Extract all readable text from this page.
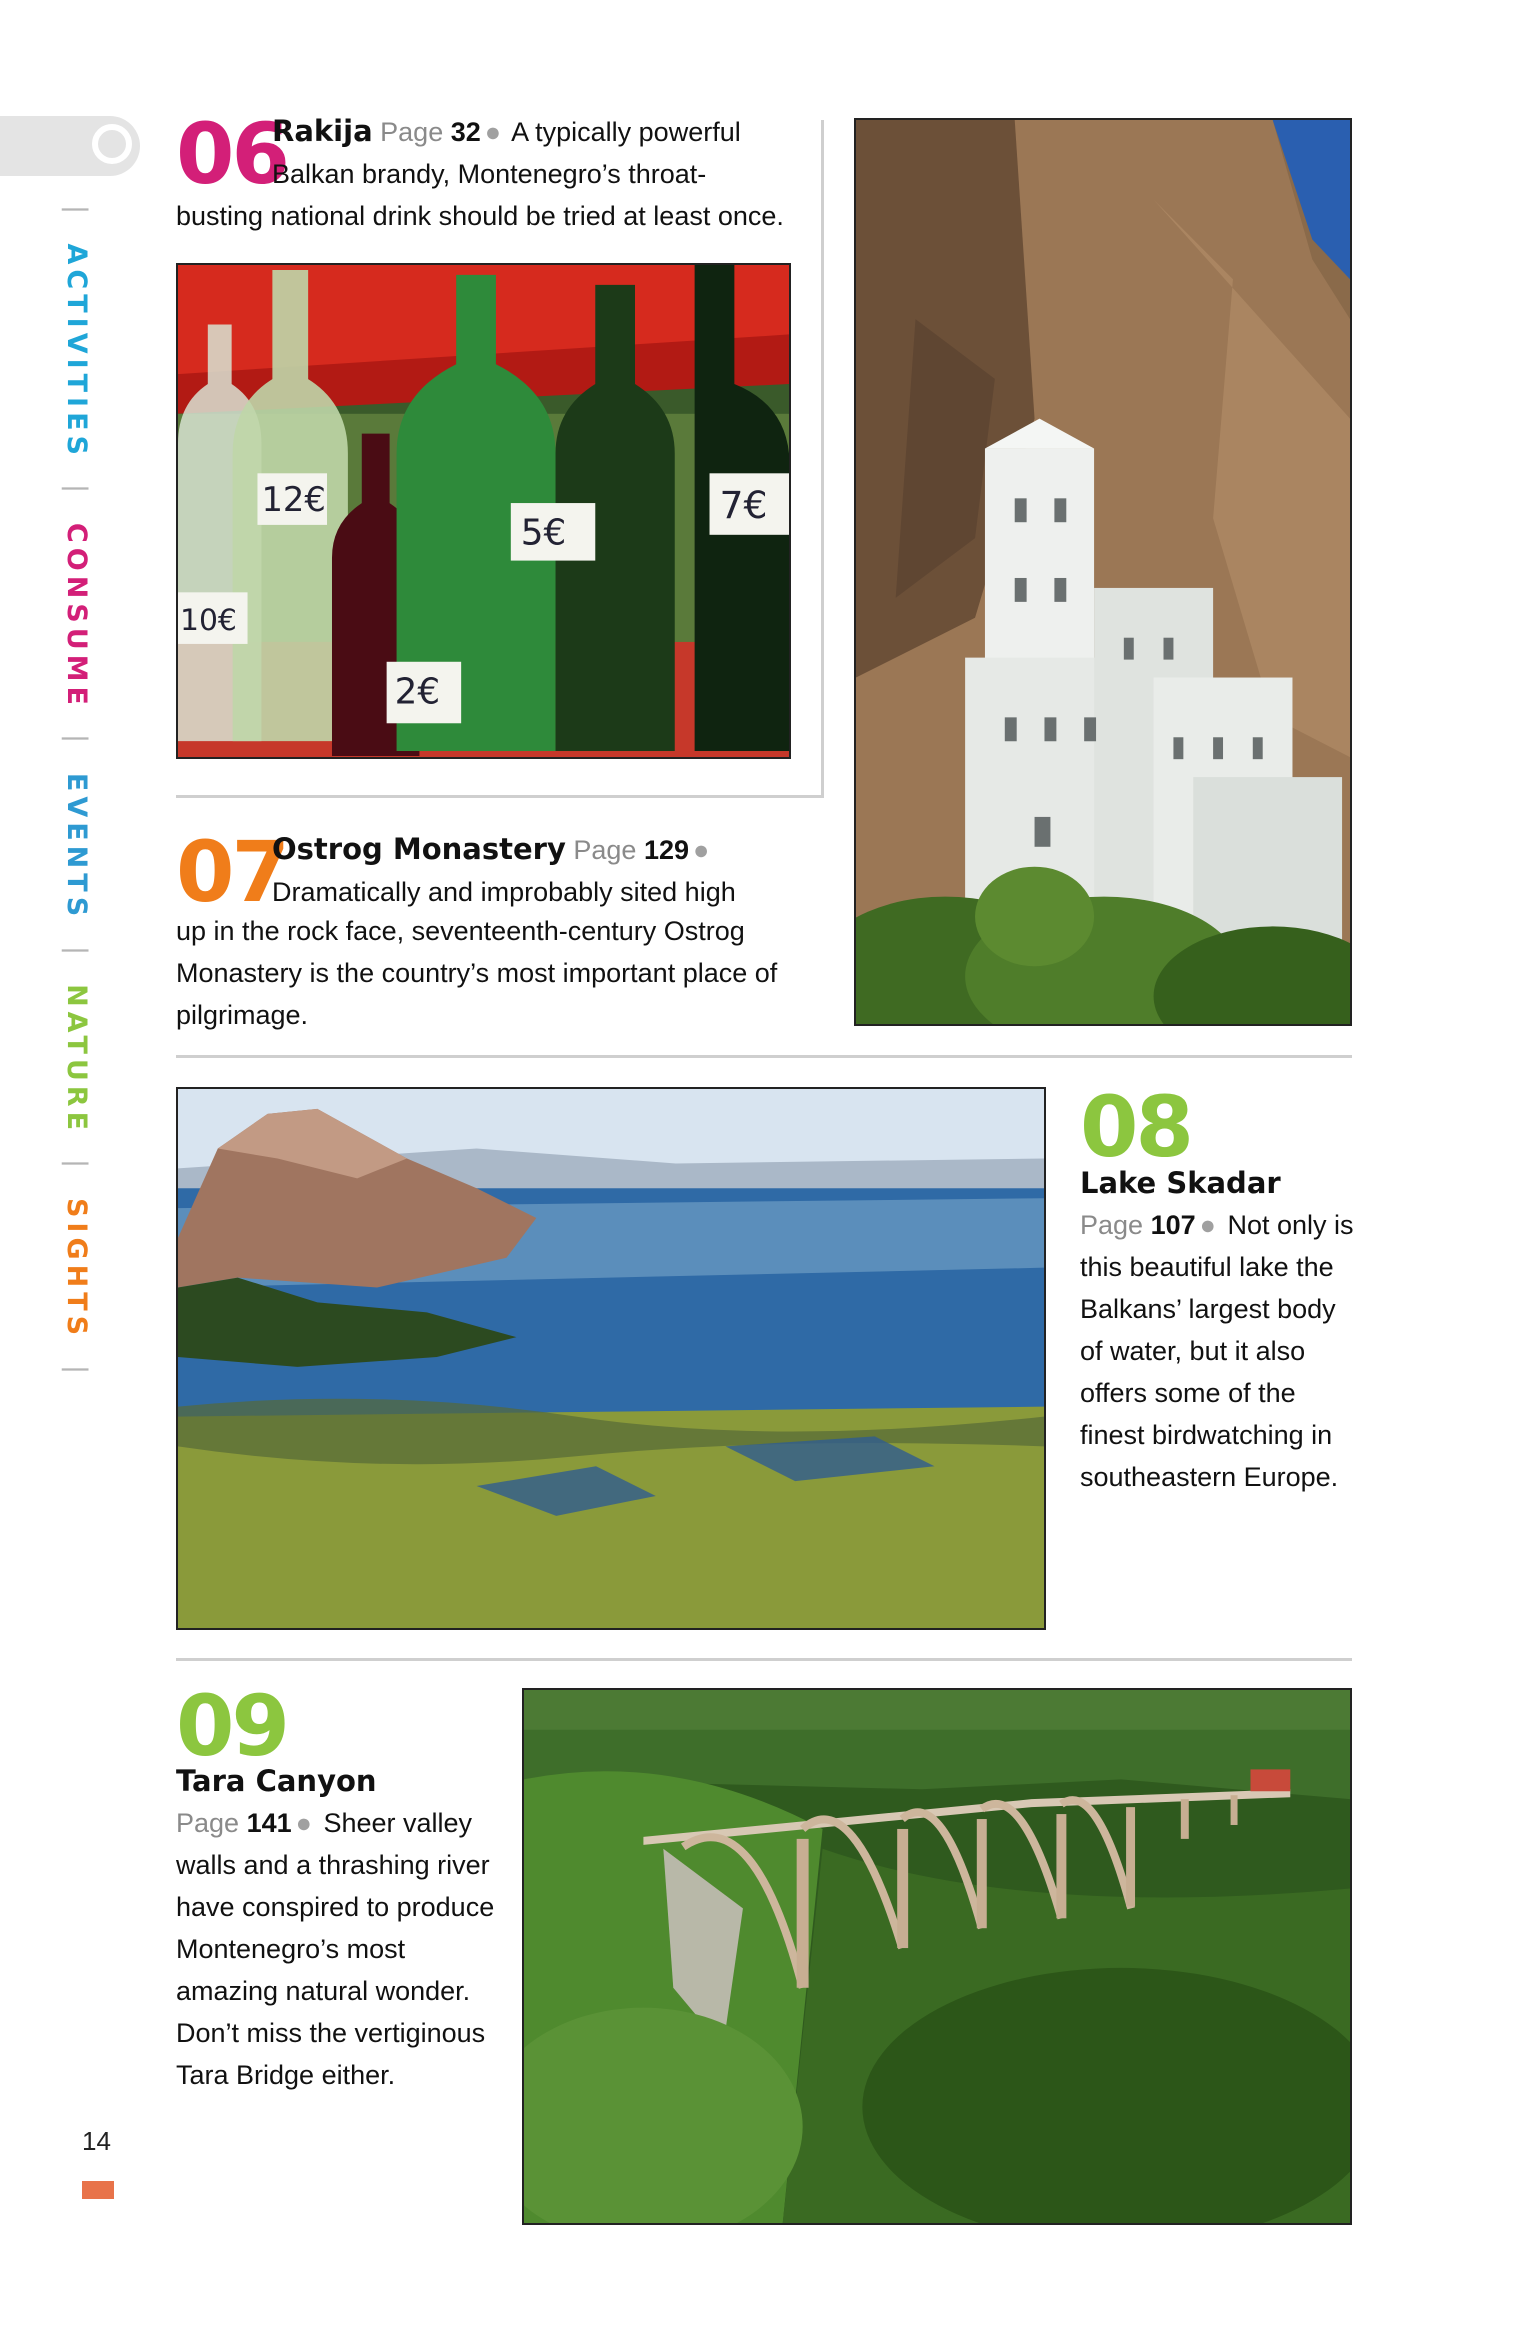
| ACTIVITIES | CONSUME | EVENTS | NATURE | SIGHTS |
06
Rakija Page 32 ● A typically powerful
Balkan brandy, Montenegro’s throat-
busting national drink should be tried at least once.
12€
5€
7€
10€
2€
07
Ostrog Monastery Page 129 ●
Dramatically and improbably sited high
up in the rock face, seventeenth-century Ostrog Monastery is the country’s most important place of pilgrimage.
08
Lake Skadar
Page 107 ● Not only is this beautiful lake the Balkans’ largest body of water, but it also offers some of the finest birdwatching in southeastern Europe.
09
Tara Canyon
Page 141 ● Sheer valley walls and a thrashing river have conspired to produce Montenegro’s most amazing natural wonder. Don’t miss the vertiginous Tara Bridge either.
14
